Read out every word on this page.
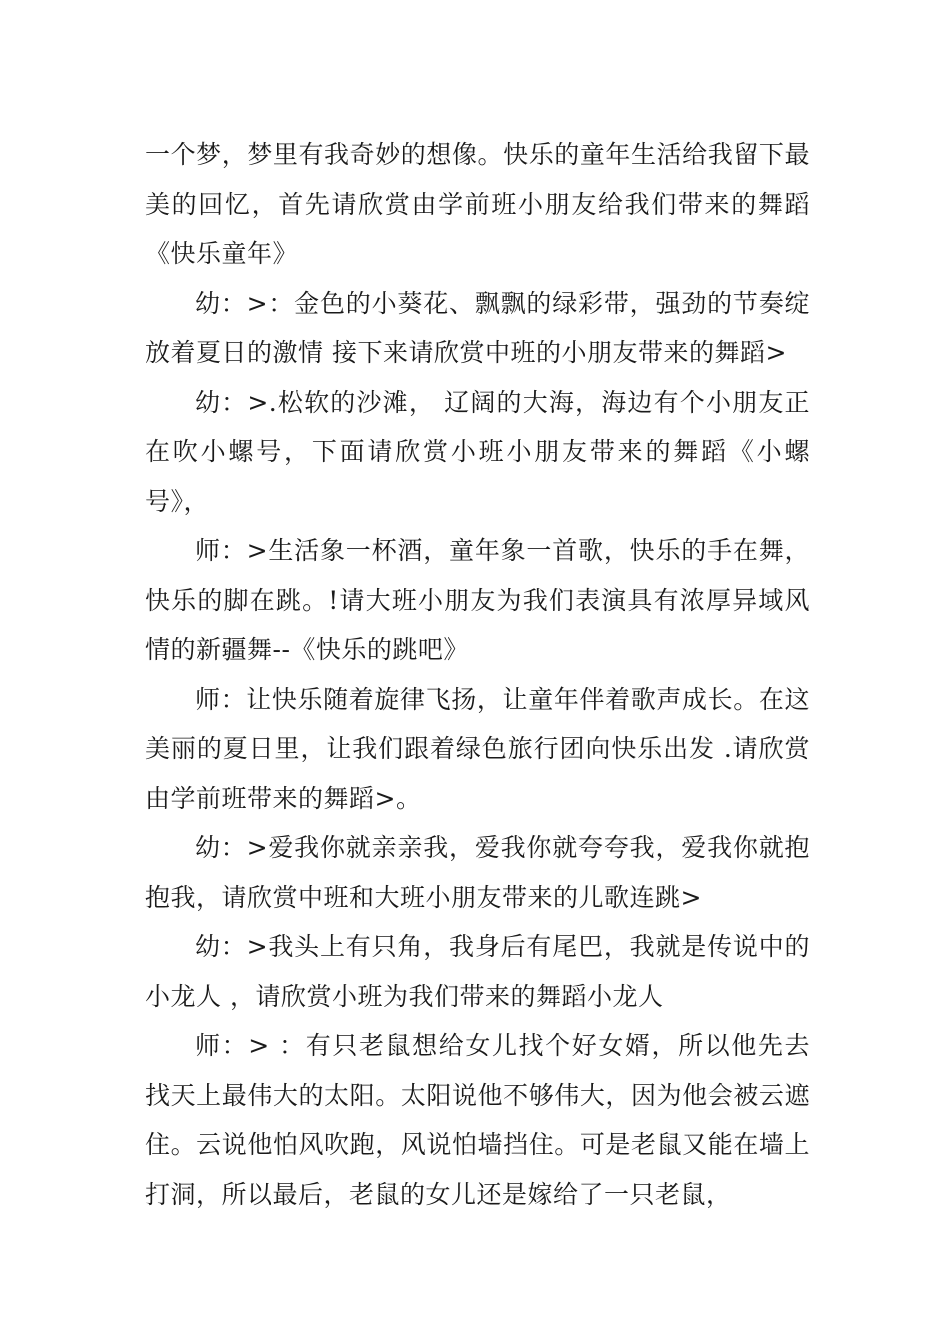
一个梦，梦里有我奇妙的想像。快乐的童年生活给我留下最美的回忆，首先请欣赏由学前班小朋友给我们带来的舞蹈《快乐童年》

幼：>：金色的小葵花、飘飘的绿彩带，强劲的节奏绽放着夏日的激情 接下来请欣赏中班的小朋友带来的舞蹈>

幼：>.松软的沙滩， 辽阔的大海，海边有个小朋友正在吹小螺号，下面请欣赏小班小朋友带来的舞蹈《小螺号》，

师：>生活象一杯酒，童年象一首歌，快乐的手在舞，快乐的脚在跳。!请大班小朋友为我们表演具有浓厚异域风情的新疆舞--《快乐的跳吧》

师：让快乐随着旋律飞扬，让童年伴着歌声成长。在这美丽的夏日里，让我们跟着绿色旅行团向快乐出发 .请欣赏由学前班带来的舞蹈>。

幼：>爱我你就亲亲我，爱我你就夸夸我，爱我你就抱抱我，请欣赏中班和大班小朋友带来的儿歌连跳>

幼：>我头上有只角，我身后有尾巴，我就是传说中的小龙人 ，请欣赏小班为我们带来的舞蹈小龙人

师：> ：有只老鼠想给女儿找个好女婿，所以他先去找天上最伟大的太阳。太阳说他不够伟大，因为他会被云遮住。云说他怕风吹跑，风说怕墙挡住。可是老鼠又能在墙上打洞，所以最后，老鼠的女儿还是嫁给了一只老鼠，
